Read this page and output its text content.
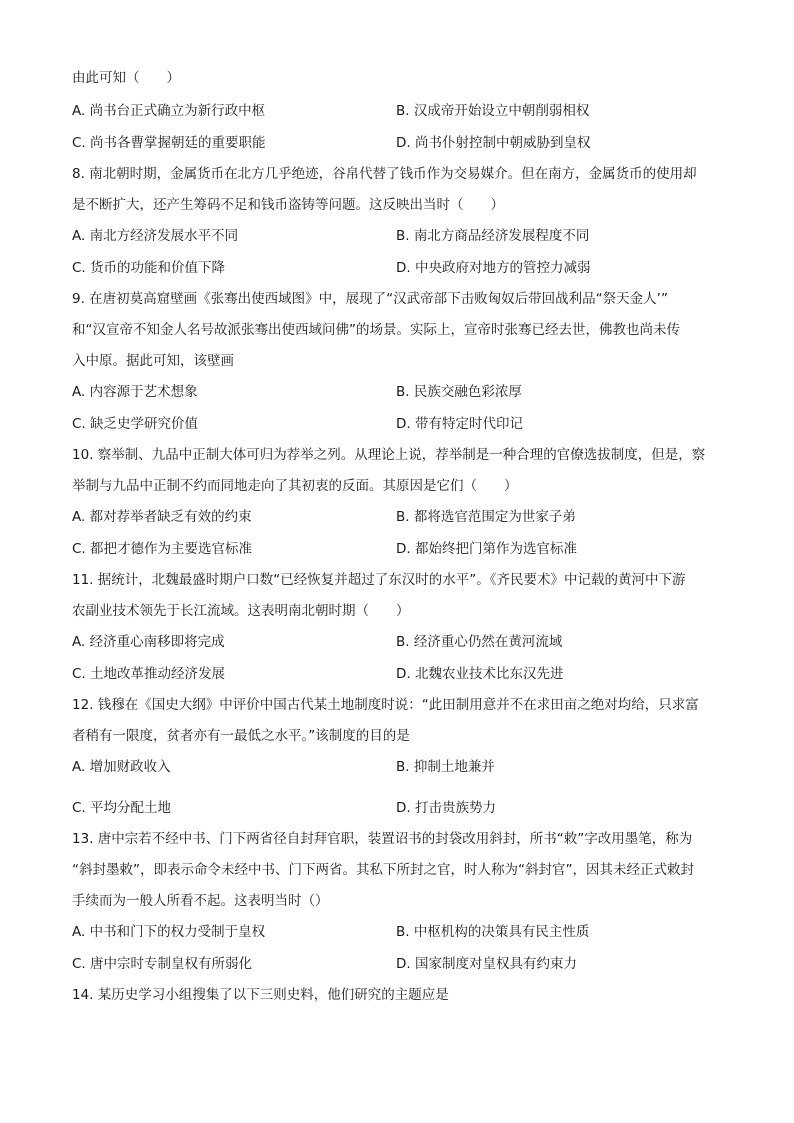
由此可知（　　）
A. 尚书台正式确立为新行政中枢	B. 汉成帝开始设立中朝削弱相权
C. 尚书各曹掌握朝廷的重要职能	D. 尚书仆射控制中朝威胁到皇权
8. 南北朝时期，金属货币在北方几乎绝迹，谷帛代替了钱币作为交易媒介。但在南方，金属货币的使用却
是不断扩大，还产生筹码不足和钱币盗铸等问题。这反映出当时（　　）
A. 南北方经济发展水平不同	B. 南北方商品经济发展程度不同
C. 货币的功能和价值下降	D. 中央政府对地方的管控力减弱
9. 在唐初莫高窟壁画《张骞出使西域图》中，展现了“汉武帝部下击败匈奴后带回战利品“祭天金人’”
和“汉宣帝不知金人名号故派张骞出使西域问佛”的场景。实际上，宣帝时张骞已经去世，佛教也尚未传
入中原。据此可知，该壁画
A. 内容源于艺术想象	B. 民族交融色彩浓厚
C. 缺乏史学研究价值	D. 带有特定时代印记
10. 察举制、九品中正制大体可归为荐举之列。从理论上说，荐举制是一种合理的官僚选拔制度，但是，察
举制与九品中正制不约而同地走向了其初衷的反面。其原因是它们（　　）
A. 都对荐举者缺乏有效的约束	B. 都将选官范围定为世家子弟
C. 都把才德作为主要选官标准	D. 都始终把门第作为选官标准
11. 据统计，北魏最盛时期户口数“已经恢复并超过了东汉时的水平”。《齐民要术》中记载的黄河中下游
农副业技术领先于长江流域。这表明南北朝时期（　　）
A. 经济重心南移即将完成	B. 经济重心仍然在黄河流域
C. 土地改革推动经济发展	D. 北魏农业技术比东汉先进
12. 钱穆在《国史大纲》中评价中国古代某土地制度时说：“此田制用意并不在求田亩之绝对均给，只求富
者稍有一限度，贫者亦有一最低之水平。”该制度的目的是
A. 增加财政收入	B. 抑制土地兼并
C. 平均分配土地	D. 打击贵族势力
13. 唐中宗若不经中书、门下两省径自封拜官职，装置诏书的封袋改用斜封，所书“敕”字改用墨笔，称为
“斜封墨敕”，即表示命令未经中书、门下两省。其私下所封之官，时人称为“斜封官”，因其未经正式敕封
手续而为一般人所看不起。这表明当时（）
A. 中书和门下的权力受制于皇权	B. 中枢机构的决策具有民主性质
C. 唐中宗时专制皇权有所弱化	D. 国家制度对皇权具有约束力
14. 某历史学习小组搜集了以下三则史料，他们研究的主题应是
